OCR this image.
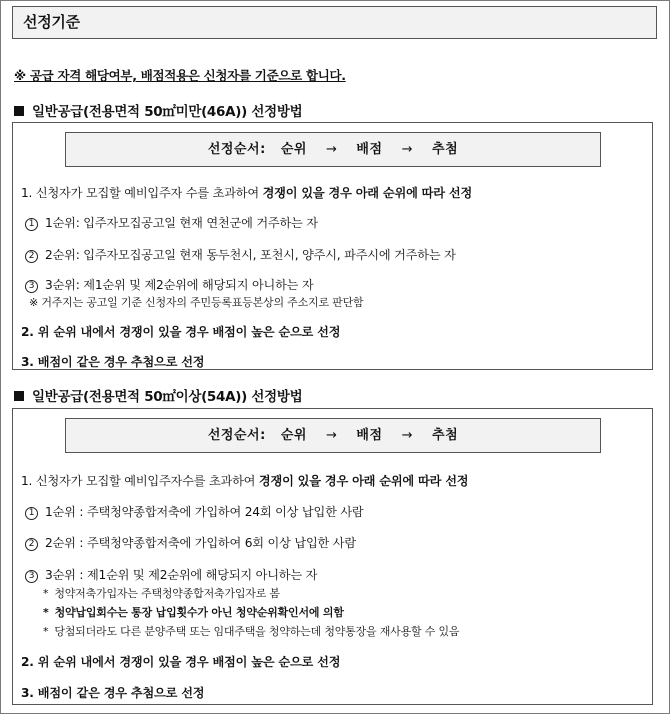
선정기준
※ 공급 자격 해당여부, 배점적용은 신청자를 기준으로 합니다.
일반공급(전용면적 50㎡미만(46A)) 선정방법
선정순서: 순위 → 배점 → 추첨
1. 신청자가 모집할 예비입주자 수를 초과하여 경쟁이 있을 경우 아래 순위에 따라 선정
1 1순위: 입주자모집공고일 현재 연천군에 거주하는 자
2 2순위: 입주자모집공고일 현재 동두천시, 포천시, 양주시, 파주시에 거주하는 자
3 3순위: 제1순위 및 제2순위에 해당되지 아니하는 자
※ 거주지는 공고일 기준 신청자의 주민등록표등본상의 주소지로 판단함
2. 위 순위 내에서 경쟁이 있을 경우 배점이 높은 순으로 선정
3. 배점이 같은 경우 추첨으로 선정
일반공급(전용면적 50㎡이상(54A)) 선정방법
선정순서: 순위 → 배점 → 추첨
1. 신청자가 모집할 예비입주자수를 초과하여 경쟁이 있을 경우 아래 순위에 따라 선정
1 1순위 : 주택청약종합저축에 가입하여 24회 이상 납입한 사람
2 2순위 : 주택청약종합저축에 가입하여 6회 이상 납입한 사람
3 3순위 : 제1순위 및 제2순위에 해당되지 아니하는 자
* 청약저축가입자는 주택청약종합저축가입자로 봄
* 청약납입회수는 통장 납입횟수가 아닌 청약순위확인서에 의함
* 당첨되더라도 다른 분양주택 또는 임대주택을 청약하는데 청약통장을 재사용할 수 있음
2. 위 순위 내에서 경쟁이 있을 경우 배점이 높은 순으로 선정
3. 배점이 같은 경우 추첨으로 선정
